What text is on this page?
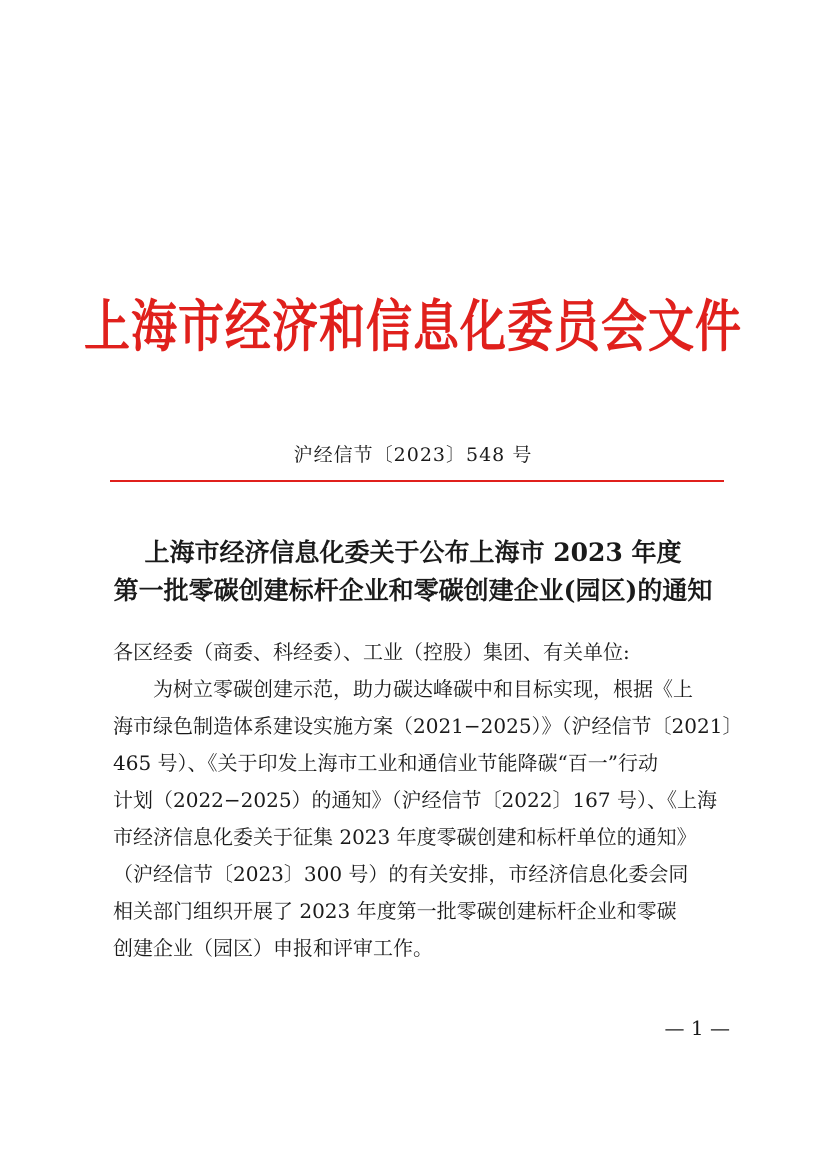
上海市经济和信息化委员会文件
沪经信节〔2023〕548 号
上海市经济信息化委关于公布上海市 2023 年度
第一批零碳创建标杆企业和零碳创建企业(园区)的通知
各区经委（商委、科经委）、工业（控股）集团、有关单位:
　　为树立零碳创建示范，助力碳达峰碳中和目标实现，根据《上
海市绿色制造体系建设实施方案（2021−2025）》（沪经信节〔2021〕
465 号）、《关于印发上海市工业和通信业节能降碳“百一”行动
计划（2022−2025）的通知》（沪经信节〔2022〕167 号）、《上海
市经济信息化委关于征集 2023 年度零碳创建和标杆单位的通知》
（沪经信节〔2023〕300 号）的有关安排，市经济信息化委会同
相关部门组织开展了 2023 年度第一批零碳创建标杆企业和零碳
创建企业（园区）申报和评审工作。
— 1 —
